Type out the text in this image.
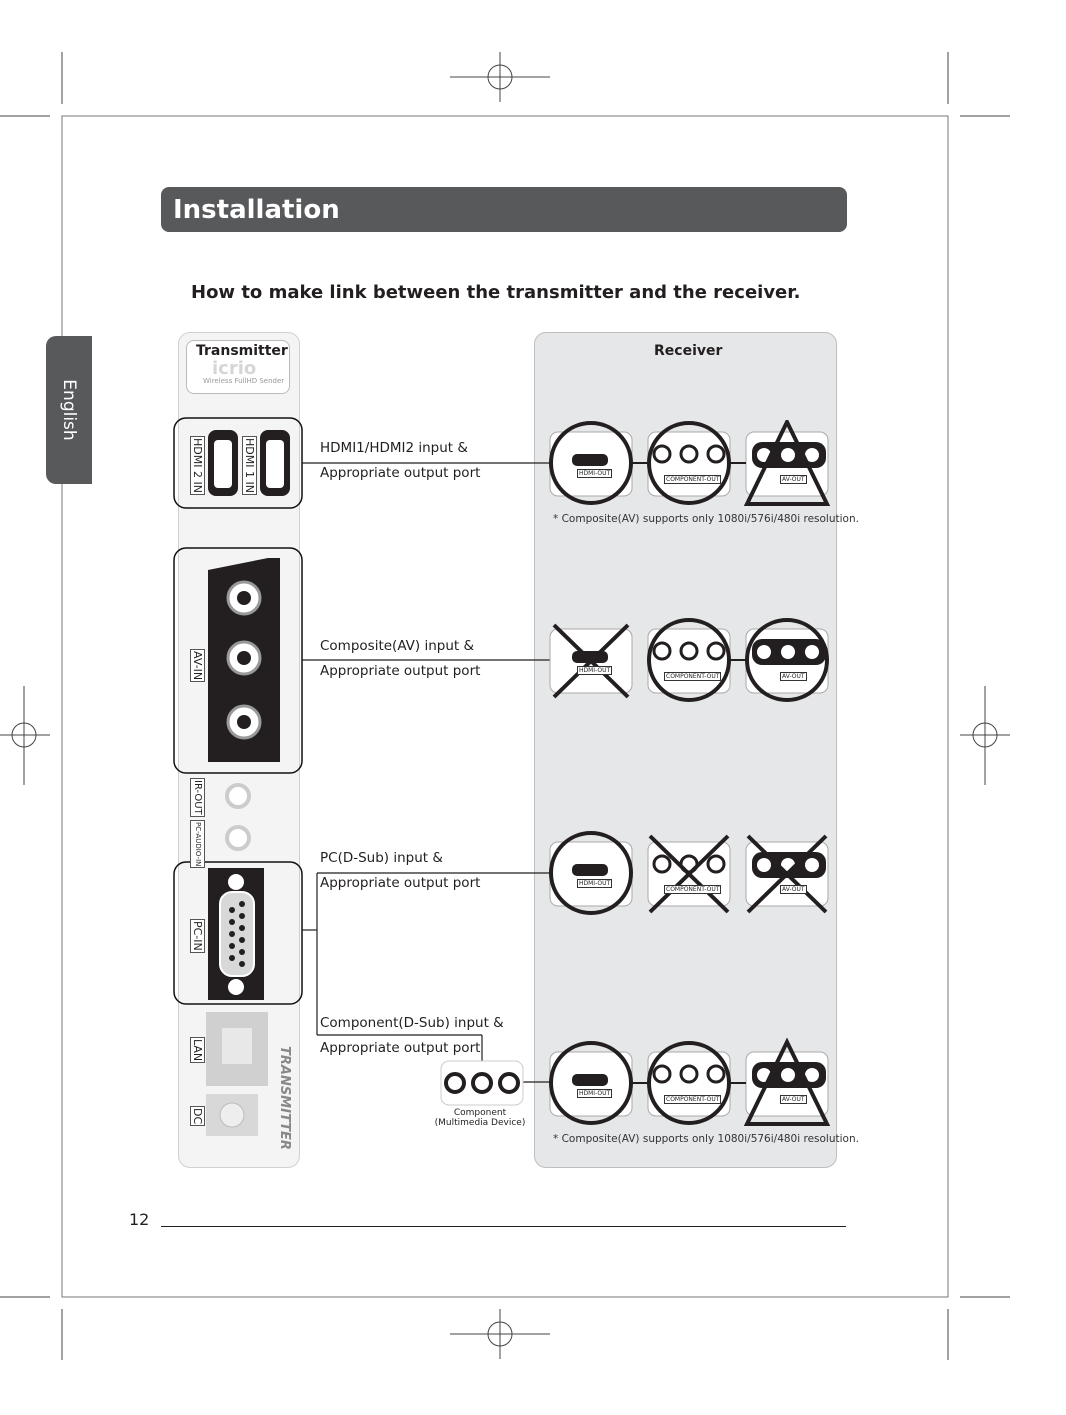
Installation
How to make link between the transmitter and the receiver.
English
Receiver
Transmitter
icrio
Wireless FullHD Sender
HDMI 2 IN	HDMI 1 IN
AV-IN
IR-OUT
PC-AUDIO-IN
PC-IN
LAN
DC	TRANSMITTER
HDMI1/HDMI2 input &
Appropriate output port
Composite(AV) input &
Appropriate output port
PC(D-Sub) input &
Appropriate output port
Component(D-Sub) input &
Appropriate output port
Component
(Multimedia Device)
HDMI-OUT
COMPONENT-OUT	AV-OUT
HDMI-OUT
COMPONENT-OUT	AV-OUT
HDMI-OUT
COMPONENT-OUT	AV-OUT
HDMI-OUT
COMPONENT-OUT	AV-OUT
* Composite(AV) supports only 1080i/576i/480i resolution.
* Composite(AV) supports only 1080i/576i/480i resolution.
12
